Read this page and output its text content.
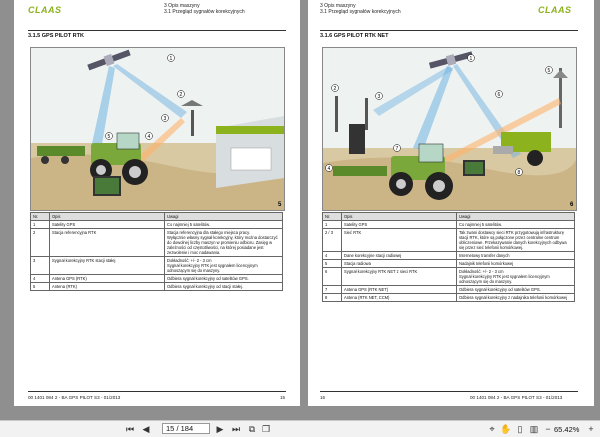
CLAAS	3 Opis maszyny
3.1 Przegląd sygnałów korekcyjnych
3.1.5 GPS PILOT RTK
1
2
3
4
5
5
Nr.	Opis	Uwagi
1	Satelity GPS	Co najmniej 5 satelitów.
2	Stacja referencyjna RTK	Stacja referencyjna dla stałego miejsca pracy.
Wyłącznie własny sygnał korekcyjny, który można dostarczyć do dowolnej liczby maszyn w promieniu odbioru. Zasięg w zależności od częstotliwości, na której posiadane jest zezwolenie i moc nadawania.
3	Sygnał korekcyjny RTK stacji stałej	Dokładność: +/- 2 - 3 cm
Sygnał korekcyjny RTK jest sygnałem licencyjnym odnoszącym się do maszyny.
4	Antena GPS (RTK)	Odbiera sygnał korekcyjny od satelitów GPS.
5	Antena (RTK)	Odbiera sygnał korekcyjny od stacji stałej.
00 1401 084 2 - BA GPS PILOT S3 - 01/2013	15
CLAAS
3 Opis maszyny
3.1 Przegląd sygnałów korekcyjnych
3.1.6 GPS PILOT RTK NET
1
2
3
4
5
6
7
8
6
Nr.	Opis	Uwagi
1	Satelity GPS	Co najmniej 5 satelitów.
2 / 3	Sieć RTK	Tak zwani dostawcy sieci RTK przygotowują infrastrukturę stacji RTK, które są połączone przez centralne centrum obliczeniowe. Przekazywanie danych korekcyjnych odbywa się przez sieć telefonii komórkowej.
4	Dane korekcyjne stacji radiowej	Internetowy transfer danych
5	Stacja radiowa	Nadajnik telefonii komórkowej
6	Sygnał korekcyjny RTK NET z sieci RTK	Dokładność: +/- 2 - 3 cm
Sygnał korekcyjny RTK jest sygnałem licencyjnym odnoszącym się do maszyny.
7	Antena GPS (RTK NET)	Odbiera sygnał korekcyjny od satelitów GPS.
8	Antena (RTK NET, CCM)	Odbiera sygnał korekcyjny z nadajnika telefonii komórkowej
16	00 1401 084 2 - BA GPS PILOT S3 - 01/2013
⏮ ◀	15
/ 184	▶ ⏭ ⧉ ❐	⌖ ✋ ▯ ▥ − 65.42% +
